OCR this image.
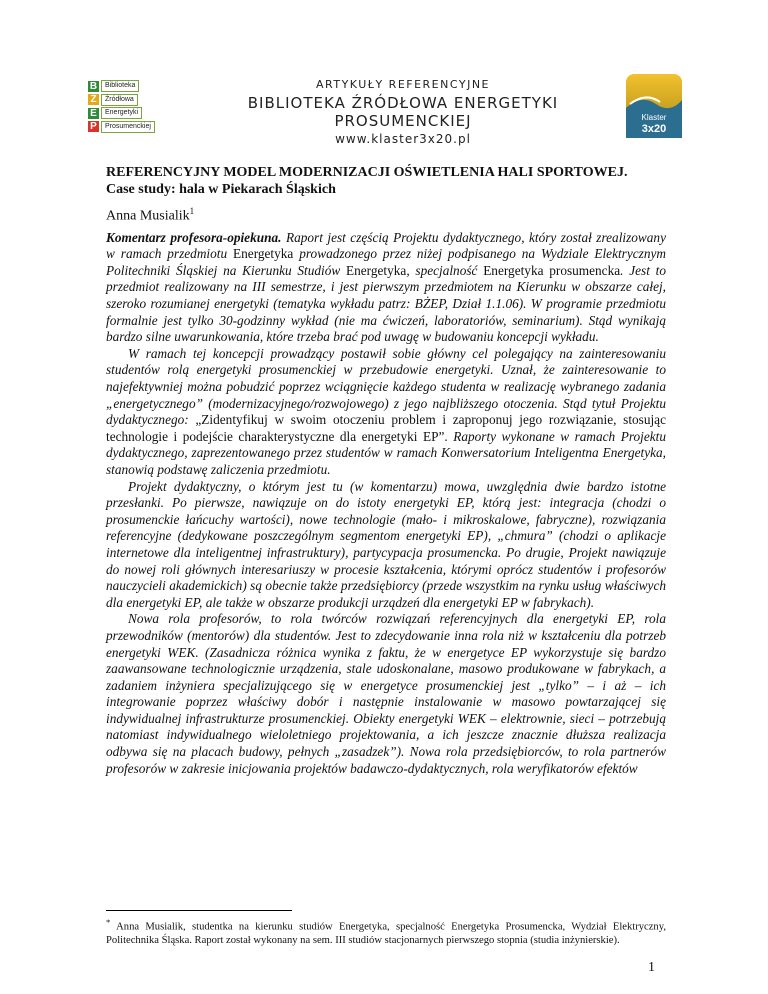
B	Biblioteka
Ź	Źródłowa
E	Energetyki
P	Prosumenckiej
ARTYKUŁY REFERENCYJNE
BIBLIOTEKA ŹRÓDŁOWA ENERGETYKI PROSUMENCKIEJ
www.klaster3x20.pl
Klaster
3x20

REFERENCYJNY MODEL MODERNIZACJI OŚWIETLENIA HALI SPORTOWEJ.
Case study: hala w Piekarach Śląskich

Anna Musialik$^1$

Komentarz profesora-opiekuna. Raport jest częścią Projektu dydaktycznego, który został zrealizowany w ramach przedmiotu Energetyka prowadzonego przez niżej podpisanego na Wydziale Elektrycznym Politechniki Śląskiej na Kierunku Studiów Energetyka, specjalność Energetyka prosumencka. Jest to przedmiot realizowany na III semestrze, i jest pierwszym przedmiotem na Kierunku w obszarze całej, szeroko rozumianej energetyki (tematyka wykładu patrz: BŻEP, Dział 1.1.06). W programie przedmiotu formalnie jest tylko 30-godzinny wykład (nie ma ćwiczeń, laboratoriów, seminarium). Stąd wynikają bardzo silne uwarunkowania, które trzeba brać pod uwagę w budowaniu koncepcji wykładu.

W ramach tej koncepcji prowadzący postawił sobie główny cel polegający na zainteresowaniu studentów rolą energetyki prosumenckiej w przebudowie energetyki. Uznał, że zainteresowanie to najefektywniej można pobudzić poprzez wciągnięcie każdego studenta w realizację wybranego zadania „energetycznego” (modernizacyjnego/rozwojowego) z jego najbliższego otoczenia. Stąd tytuł Projektu dydaktycznego: „Zidentyfikuj w swoim otoczeniu problem i zaproponuj jego rozwiązanie, stosując technologie i podejście charakterystyczne dla energetyki EP”. Raporty wykonane w ramach Projektu dydaktycznego, zaprezentowanego przez studentów w ramach Konwersatorium Inteligentna Energetyka, stanowią podstawę zaliczenia przedmiotu.

Projekt dydaktyczny, o którym jest tu (w komentarzu) mowa, uwzględnia dwie bardzo istotne przesłanki. Po pierwsze, nawiązuje on do istoty energetyki EP, którą jest: integracja (chodzi o prosumenckie łańcuchy wartości), nowe technologie (mało- i mikroskalowe, fabryczne), rozwiązania referencyjne (dedykowane poszczególnym segmentom energetyki EP), „chmura” (chodzi o aplikacje internetowe dla inteligentnej infrastruktury), partycypacja prosumencka. Po drugie, Projekt nawiązuje do nowej roli głównych interesariuszy w procesie kształcenia, którymi oprócz studentów i profesorów nauczycieli akademickich) są obecnie także przedsiębiorcy (przede wszystkim na rynku usług właściwych dla energetyki EP, ale także w obszarze produkcji urządzeń dla energetyki EP w fabrykach).

Nowa rola profesorów, to rola twórców rozwiązań referencyjnych dla energetyki EP, rola przewodników (mentorów) dla studentów. Jest to zdecydowanie inna rola niż w kształceniu dla potrzeb energetyki WEK. (Zasadnicza różnica wynika z faktu, że w energetyce EP wykorzystuje się bardzo zaawansowane technologicznie urządzenia, stale udoskonalane, masowo produkowane w fabrykach, a zadaniem inżyniera specjalizującego się w energetyce prosumenckiej jest „tylko” – i aż – ich integrowanie poprzez właściwy dobór i następnie instalowanie w masowo powtarzającej się indywidualnej infrastrukturze prosumenckiej. Obiekty energetyki WEK – elektrownie, sieci – potrzebują natomiast indywidualnego wieloletniego projektowania, a ich jeszcze znacznie dłuższa realizacja odbywa się na placach budowy, pełnych „zasadzek”). Nowa rola przedsiębiorców, to rola partnerów profesorów w zakresie inicjowania projektów badawczo-dydaktycznych, rola weryfikatorów efektów

* Anna Musialik, studentka na kierunku studiów Energetyka, specjalność Energetyka Prosumencka, Wydział Elektryczny, Politechnika Śląska. Raport został wykonany na sem. III studiów stacjonarnych pierwszego stopnia (studia inżynierskie).
1
